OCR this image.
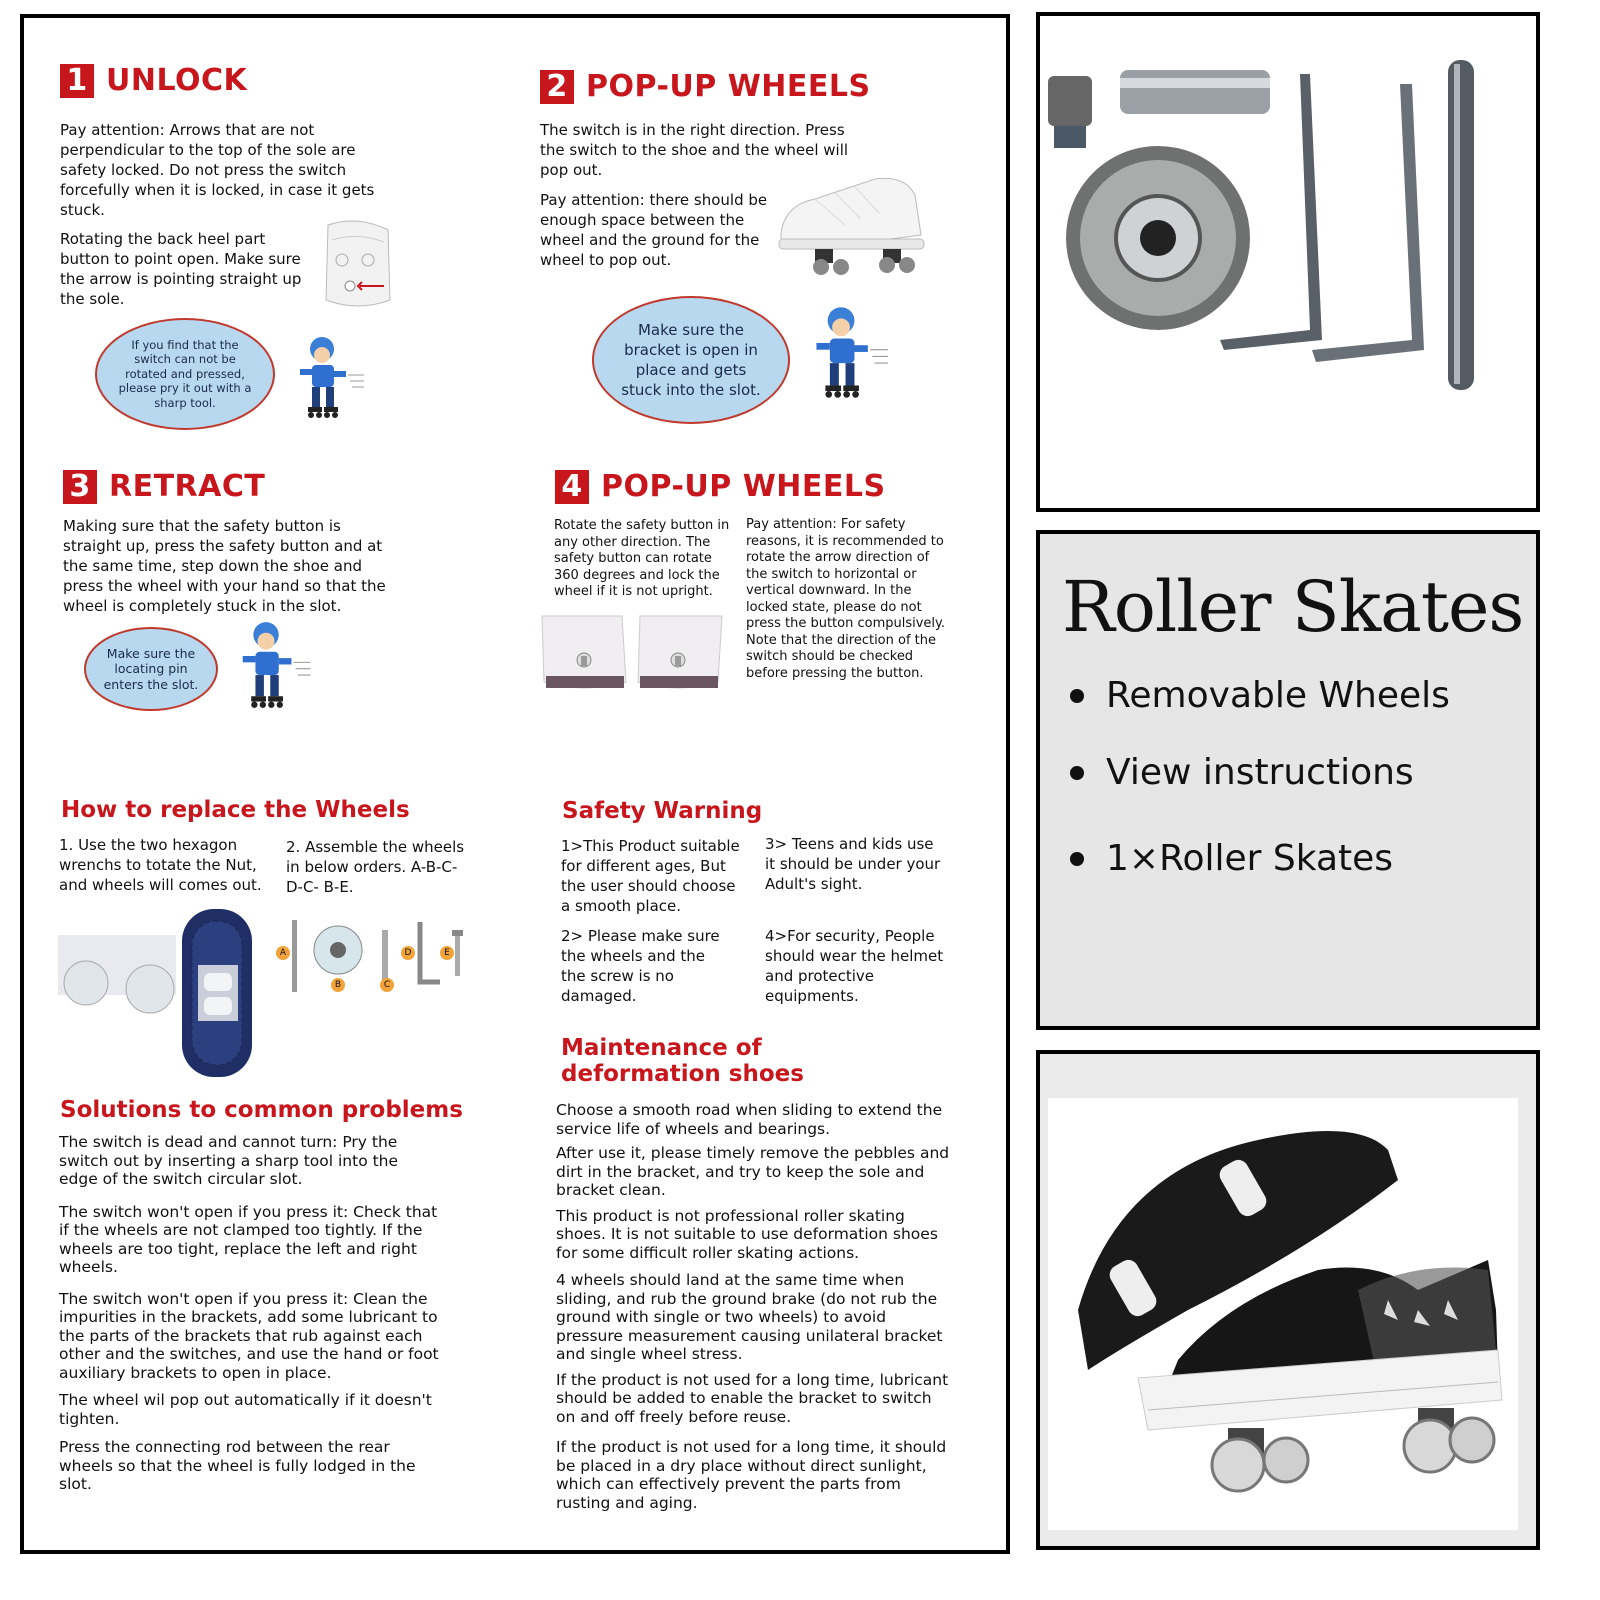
1 UNLOCK
Pay attention: Arrows that are not perpendicular to the top of the sole are safety locked. Do not press the switch forcefully when it is locked, in case it gets stuck.
Rotating the back heel part button to point open. Make sure the arrow is pointing straight up the sole.
If you find that the switch can not be rotated and pressed, please pry it out with a sharp tool.
2 POP-UP WHEELS
The switch is in the right direction. Press the switch to the shoe and the wheel will pop out.
Pay attention: there should be enough space between the wheel and the ground for the wheel to pop out.
Make sure the bracket is open in place and gets stuck into the slot.
3 RETRACT
Making sure that the safety button is straight up, press the safety button and at the same time, step down the shoe and press the wheel with your hand so that the wheel is completely stuck in the slot.
Make sure the locating pin enters the slot.
4 POP-UP WHEELS
Rotate the safety button in any other direction. The safety button can rotate 360 degrees and lock the wheel if it is not upright.
Pay attention: For safety reasons, it is recommended to rotate the arrow direction of the switch to horizontal or vertical downward. In the locked state, please do not press the button compulsively. Note that the direction of the switch should be checked before pressing the button.
How to replace the Wheels
1. Use the two hexagon wrenchs to totate the Nut, and wheels will comes out.
2. Assemble the wheels in below orders. A-B-C-D-C- B-E.
A
B	C
D	E
Safety Warning
1>This Product suitable for different ages, But the user should choose a smooth place.
2> Please make sure the wheels and the the screw is no damaged.
3> Teens and kids use it should be under your Adult's sight.
4>For security, People should wear the helmet and protective equipments.
Solutions to common problems
The switch is dead and cannot turn: Pry the switch out by inserting a sharp tool into the edge of the switch circular slot.
The switch won't open if you press it: Check that if the wheels are not clamped too tightly. If the wheels are too tight, replace the left and right wheels.
The switch won't open if you press it: Clean the impurities in the brackets, add some lubricant to the parts of the brackets that rub against each other and the switches, and use the hand or foot auxiliary brackets to open in place.
The wheel wil pop out automatically if it doesn't tighten.
Press the connecting rod between the rear wheels so that the wheel is fully lodged in the slot.
Maintenance of deformation shoes
Choose a smooth road when sliding to extend the service life of wheels and bearings.
After use it, please timely remove the pebbles and dirt in the bracket, and try to keep the sole and bracket clean.
This product is not professional roller skating shoes. It is not suitable to use deformation shoes for some difficult roller skating actions.
4 wheels should land at the same time when sliding, and rub the ground brake (do not rub the ground with single or two wheels) to avoid pressure measurement causing unilateral bracket and single wheel stress.
If the product is not used for a long time, lubricant should be added to enable the bracket to switch on and off freely before reuse.
If the product is not used for a long time, it should be placed in a dry place without direct sunlight, which can effectively prevent the parts from rusting and aging.
Roller Skates
Removable Wheels
View instructions
1×Roller Skates
